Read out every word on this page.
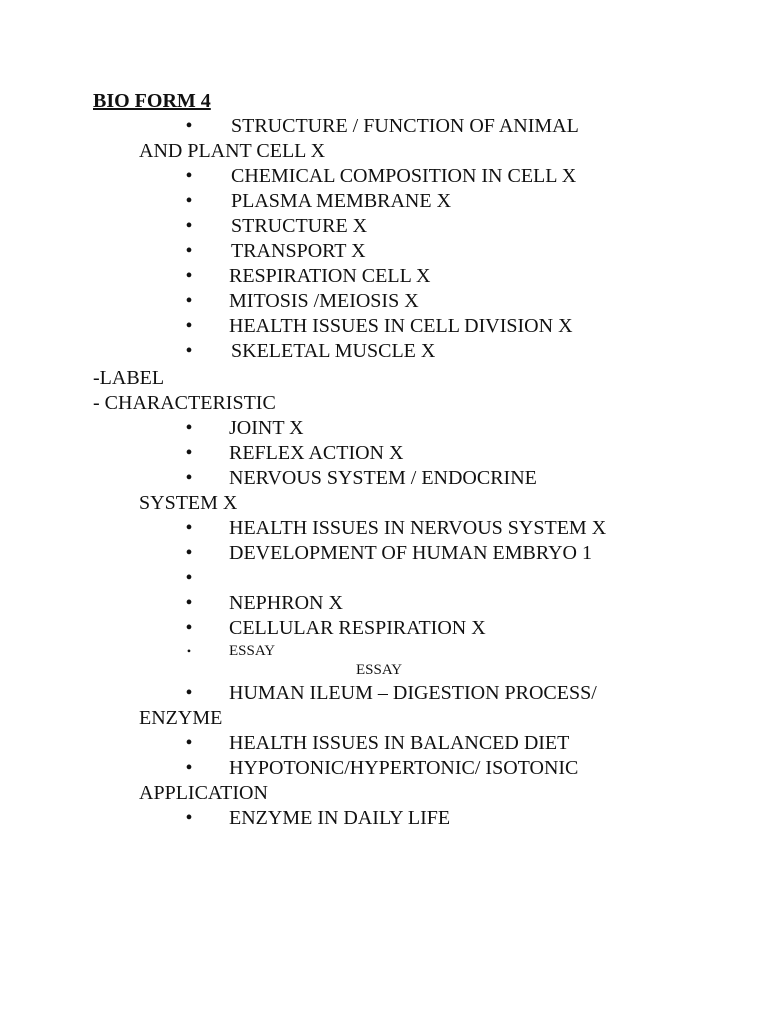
BIO FORM 4
• STRUCTURE / FUNCTION OF ANIMAL
AND PLANT CELL X
• CHEMICAL COMPOSITION IN CELL X
• PLASMA MEMBRANE X
• STRUCTURE X
• TRANSPORT X
• RESPIRATION CELL X
• MITOSIS /MEIOSIS X
• HEALTH ISSUES IN CELL DIVISION X
• SKELETAL MUSCLE X
-LABEL
- CHARACTERISTIC
• JOINT X
• REFLEX ACTION X
• NERVOUS SYSTEM / ENDOCRINE
SYSTEM X
• HEALTH ISSUES IN NERVOUS SYSTEM X
• DEVELOPMENT OF HUMAN EMBRYO 1
•
• NEPHRON X
• CELLULAR RESPIRATION X
•	ESSAY
ESSAY
• HUMAN ILEUM – DIGESTION PROCESS/
ENZYME
• HEALTH ISSUES IN BALANCED DIET
• HYPOTONIC/HYPERTONIC/ ISOTONIC
APPLICATION
• ENZYME IN DAILY LIFE
